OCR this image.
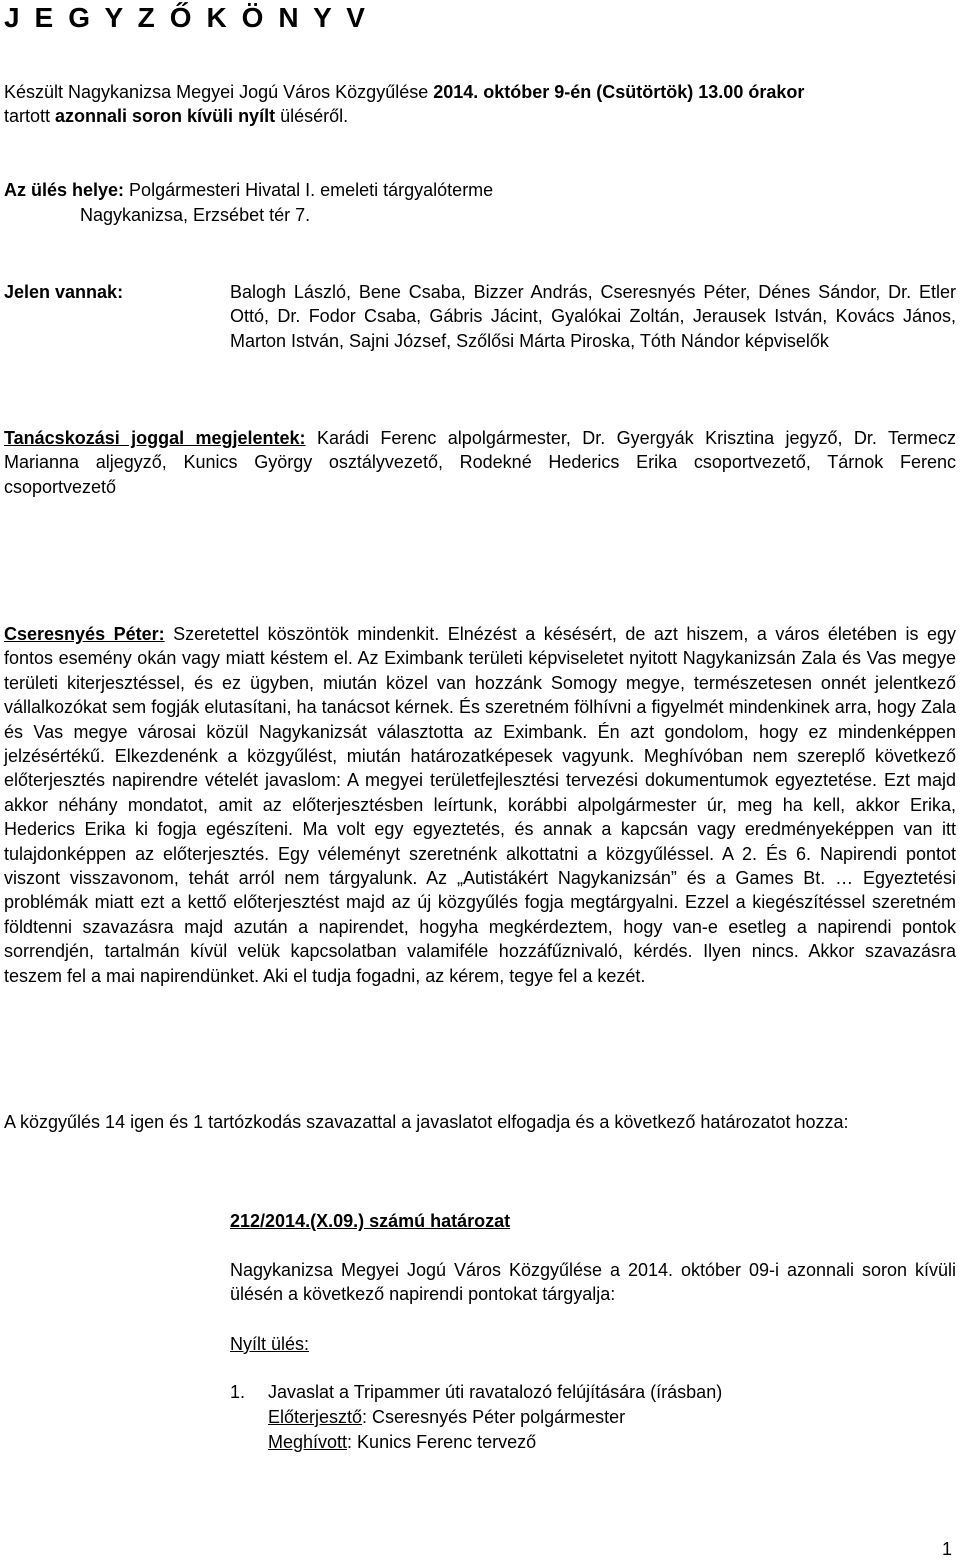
J E G Y Z Ő K Ö N Y V

Készült Nagykanizsa Megyei Jogú Város Közgyűlése 2014. október 9-én (Csütörtök) 13.00 órakor
tartott azonnali soron kívüli nyílt üléséről.

Az ülés helye: Polgármesteri Hivatal I. emeleti tárgyalóterme
Nagykanizsa, Erzsébet tér 7.
Jelen vannak:	Balogh László, Bene Csaba, Bizzer András, Cseresnyés Péter, Dénes Sándor, Dr. Etler Ottó, Dr. Fodor Csaba, Gábris Jácint, Gyalókai Zoltán, Jerausek István, Kovács János, Marton István, Sajni József, Szőlősi Márta Piroska, Tóth Nándor képviselők

Tanácskozási joggal megjelentek: Karádi Ferenc alpolgármester, Dr. Gyergyák Krisztina jegyző, Dr. Termecz Marianna aljegyző, Kunics György osztályvezető, Rodekné Hederics Erika csoportvezető, Tárnok Ferenc csoportvezető

Cseresnyés Péter: Szeretettel köszöntök mindenkit. Elnézést a késésért, de azt hiszem, a város életében is egy fontos esemény okán vagy miatt késtem el. Az Eximbank területi képviseletet nyitott Nagykanizsán Zala és Vas megye területi kiterjesztéssel, és ez ügyben, miután közel van hozzánk Somogy megye, természetesen onnét jelentkező vállalkozókat sem fogják elutasítani, ha tanácsot kérnek. És szeretném fölhívni a figyelmét mindenkinek arra, hogy Zala és Vas megye városai közül Nagykanizsát választotta az Eximbank. Én azt gondolom, hogy ez mindenképpen jelzésértékű. Elkezdenénk a közgyűlést, miután határozatképesek vagyunk. Meghívóban nem szereplő következő előterjesztés napirendre vételét javaslom: A megyei területfejlesztési tervezési dokumentumok egyeztetése. Ezt majd akkor néhány mondatot, amit az előterjesztésben leírtunk, korábbi alpolgármester úr, meg ha kell, akkor Erika, Hederics Erika ki fogja egészíteni. Ma volt egy egyeztetés, és annak a kapcsán vagy eredményeképpen van itt tulajdonképpen az előterjesztés. Egy véleményt szeretnénk alkottatni a közgyűléssel. A 2. És 6. Napirendi pontot viszont visszavonom, tehát arról nem tárgyalunk. Az „Autistákért Nagykanizsán” és a Games Bt. … Egyeztetési problémák miatt ezt a kettő előterjesztést majd az új közgyűlés fogja megtárgyalni. Ezzel a kiegészítéssel szeretném földtenni szavazásra majd azután a napirendet, hogyha megkérdeztem, hogy van-e esetleg a napirendi pontok sorrendjén, tartalmán kívül velük kapcsolatban valamiféle hozzáfűznivaló, kérdés. Ilyen nincs. Akkor szavazásra teszem fel a mai napirendünket. Aki el tudja fogadni, az kérem, tegye fel a kezét.

A közgyűlés 14 igen és 1 tartózkodás szavazattal a javaslatot elfogadja és a következő határozatot hozza:

212/2014.(X.09.) számú határozat

Nagykanizsa Megyei Jogú Város Közgyűlése a 2014. október 09-i azonnali soron kívüli ülésén a következő napirendi pontokat tárgyalja:

Nyílt ülés:
1. Javaslat a Tripammer úti ravatalozó felújítására (írásban)
Előterjesztő: Cseresnyés Péter polgármester
Meghívott: Kunics Ferenc tervező
1
